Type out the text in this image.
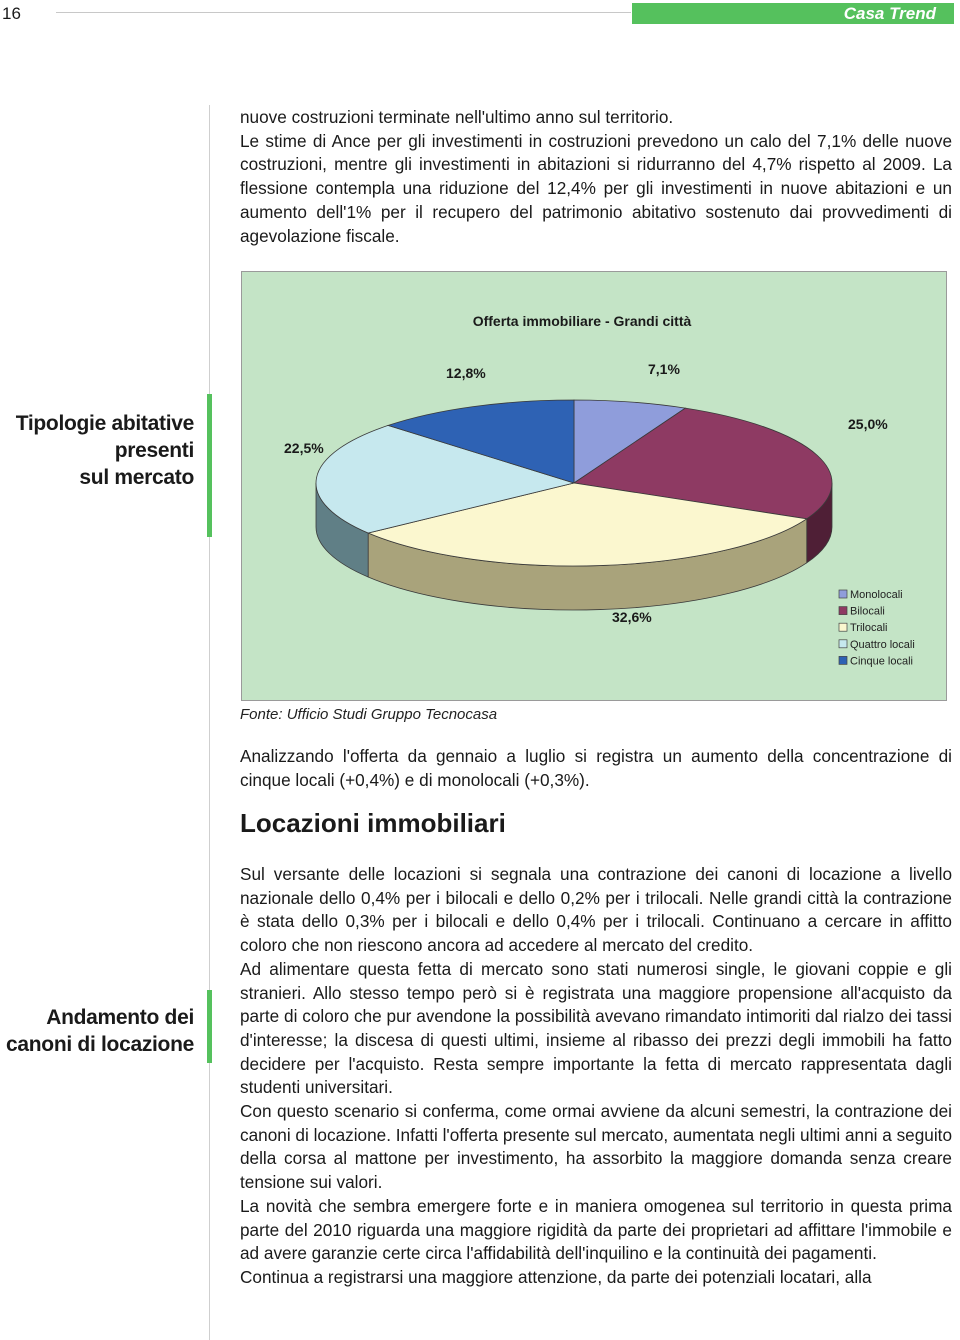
16	Casa Trend

nuove costruzioni terminate nell'ultimo anno sul territorio.

Le stime di Ance per gli investimenti in costruzioni prevedono un calo del 7,1% delle nuove costruzioni, mentre gli investimenti in abitazioni si ridurranno del 4,7% rispetto al 2009. La flessione contempla una riduzione del 12,4% per gli investimenti in nuove abitazioni e un aumento dell'1% per il recupero del patrimonio abitativo sostenuto dai provvedimenti di agevolazione fiscale.

Tipologie abitative
presenti
sul mercato
Offerta immobiliare - Grandi città
7,1%
25,0%
32,6%
22,5%
12,8%
Monolocali
Bilocali
Trilocali
Quattro locali
Cinque locali
Fonte: Ufficio Studi Gruppo Tecnocasa

Analizzando l'offerta da gennaio a luglio si registra un aumento della concentrazione di cinque locali (+0,4%) e di monolocali (+0,3%).

Locazioni immobiliari
Andamento dei
canoni di locazione

Sul versante delle locazioni si segnala una contrazione dei canoni di locazione a livello nazionale dello 0,4% per i bilocali e dello 0,2% per i trilocali. Nelle grandi città la contrazione è stata dello 0,3% per i bilocali e dello 0,4% per i trilocali. Continuano a cercare in affitto coloro che non riescono ancora ad accedere al mercato del credito.

Ad alimentare questa fetta di mercato sono stati numerosi single, le giovani coppie e gli stranieri. Allo stesso tempo però si è registrata una maggiore propensione all'acquisto da parte di coloro che pur avendone la possibilità avevano rimandato intimoriti dal rialzo dei tassi d'interesse; la discesa di questi ultimi, insieme al ribasso dei prezzi degli immobili ha fatto decidere per l'acquisto. Resta sempre importante la fetta di mercato rappresentata dagli studenti universitari.

Con questo scenario si conferma, come ormai avviene da alcuni semestri, la contrazione dei canoni di locazione. Infatti l'offerta presente sul mercato, aumentata negli ultimi anni a seguito della corsa al mattone per investimento, ha assorbito la maggiore domanda senza creare tensione sui valori.

La novità che sembra emergere forte e in maniera omogenea sul territorio in questa prima parte del 2010 riguarda una maggiore rigidità da parte dei proprietari ad affittare l'immobile e ad avere garanzie certe circa l'affidabilità dell'inquilino e la continuità dei pagamenti.

Continua a registrarsi una maggiore attenzione, da parte dei potenziali locatari, alla
